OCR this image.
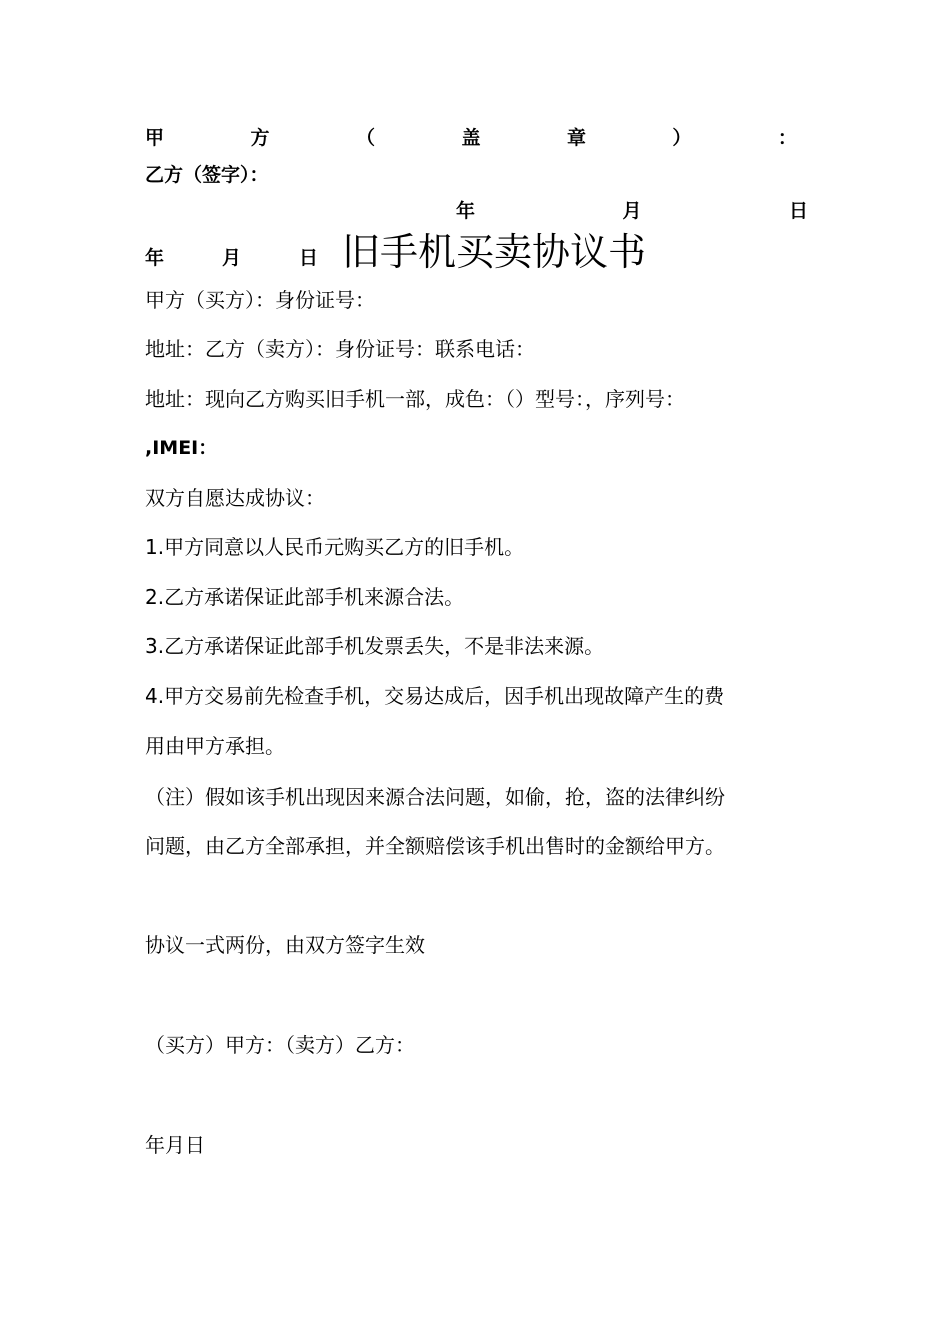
甲	方	（	盖	章	）	：
乙方（签字）：
年	月	日
年	月	日 旧手机买卖协议书
甲方（买方）：身份证号：
地址：乙方（卖方）：身份证号：联系电话：
地址：现向乙方购买旧手机一部，成色：（）型号：，序列号：
,IMEI：
双方自愿达成协议：
1.甲方同意以人民币元购买乙方的旧手机。
2.乙方承诺保证此部手机来源合法。
3.乙方承诺保证此部手机发票丢失，不是非法来源。
4.甲方交易前先检查手机，交易达成后，因手机出现故障产生的费
用由甲方承担。
（注）假如该手机出现因来源合法问题，如偷，抢，盗的法律纠纷
问题，由乙方全部承担，并全额赔偿该手机出售时的金额给甲方。
协议一式两份，由双方签字生效
（买方）甲方：（卖方）乙方：
年月日
